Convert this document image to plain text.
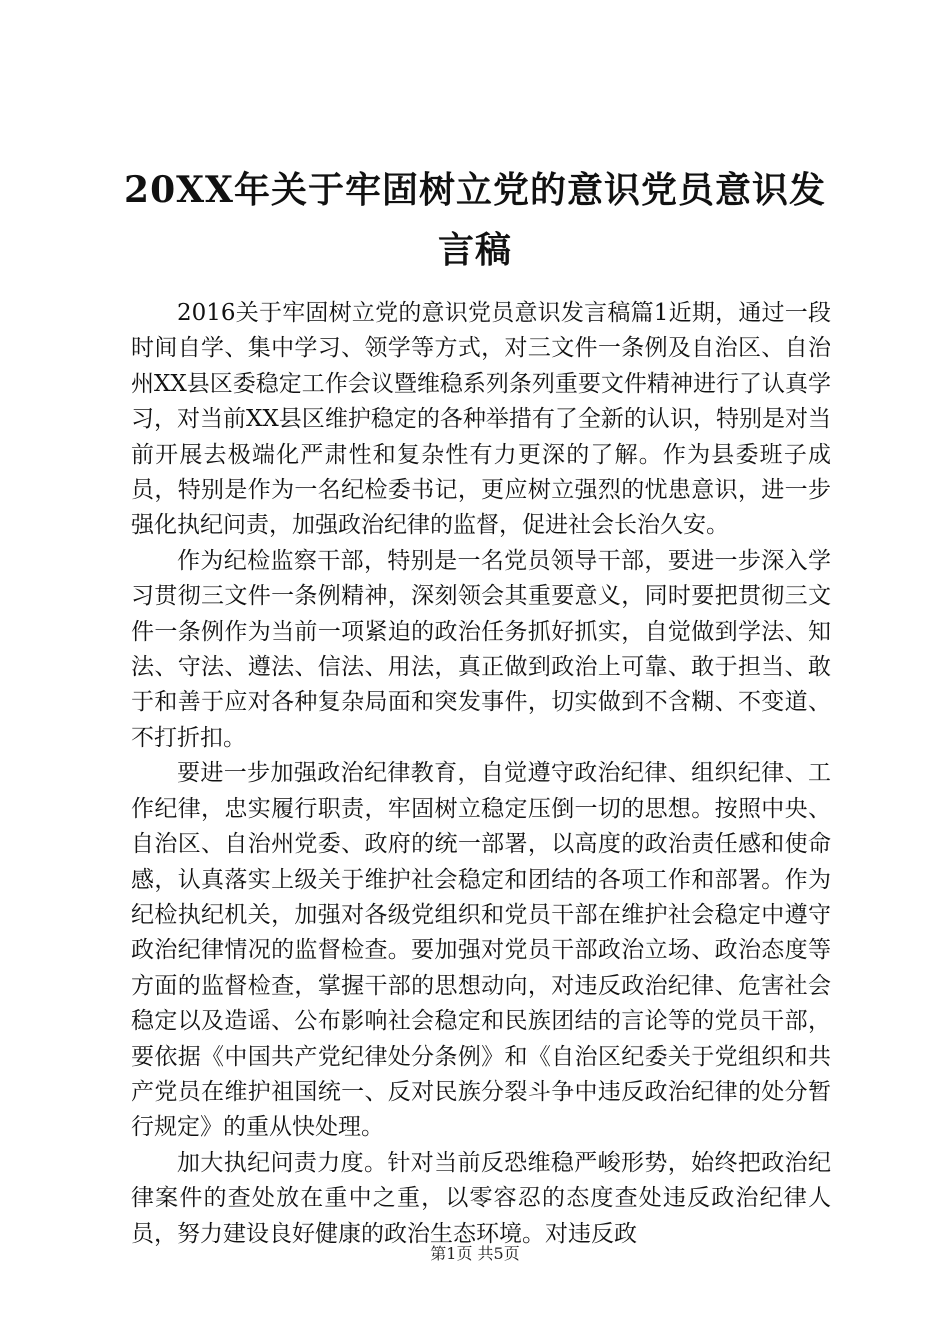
20XX年关于牢固树立党的意识党员意识发言稿

2016关于牢固树立党的意识党员意识发言稿篇1近期，通过一段时间自学、集中学习、领学等方式，对三文件一条例及自治区、自治州XX县区委稳定工作会议暨维稳系列条列重要文件精神进行了认真学习，对当前XX县区维护稳定的各种举措有了全新的认识，特别是对当前开展去极端化严肃性和复杂性有力更深的了解。作为县委班子成员，特别是作为一名纪检委书记，更应树立强烈的忧患意识，进一步强化执纪问责，加强政治纪律的监督，促进社会长治久安。

作为纪检监察干部，特别是一名党员领导干部，要进一步深入学习贯彻三文件一条例精神，深刻领会其重要意义，同时要把贯彻三文件一条例作为当前一项紧迫的政治任务抓好抓实，自觉做到学法、知法、守法、遵法、信法、用法，真正做到政治上可靠、敢于担当、敢于和善于应对各种复杂局面和突发事件，切实做到不含糊、不变道、不打折扣。

要进一步加强政治纪律教育，自觉遵守政治纪律、组织纪律、工作纪律，忠实履行职责，牢固树立稳定压倒一切的思想。按照中央、自治区、自治州党委、政府的统一部署，以高度的政治责任感和使命感，认真落实上级关于维护社会稳定和团结的各项工作和部署。作为纪检执纪机关，加强对各级党组织和党员干部在维护社会稳定中遵守政治纪律情况的监督检查。要加强对党员干部政治立场、政治态度等方面的监督检查，掌握干部的思想动向，对违反政治纪律、危害社会稳定以及造谣、公布影响社会稳定和民族团结的言论等的党员干部，要依据《中国共产党纪律处分条例》和《自治区纪委关于党组织和共产党员在维护祖国统一、反对民族分裂斗争中违反政治纪律的处分暂行规定》的重从快处理。

加大执纪问责力度。针对当前反恐维稳严峻形势，始终把政治纪律案件的查处放在重中之重，以零容忍的态度查处违反政治纪律人员，努力建设良好健康的政治生态环境。对违反政

第1页 共5页
